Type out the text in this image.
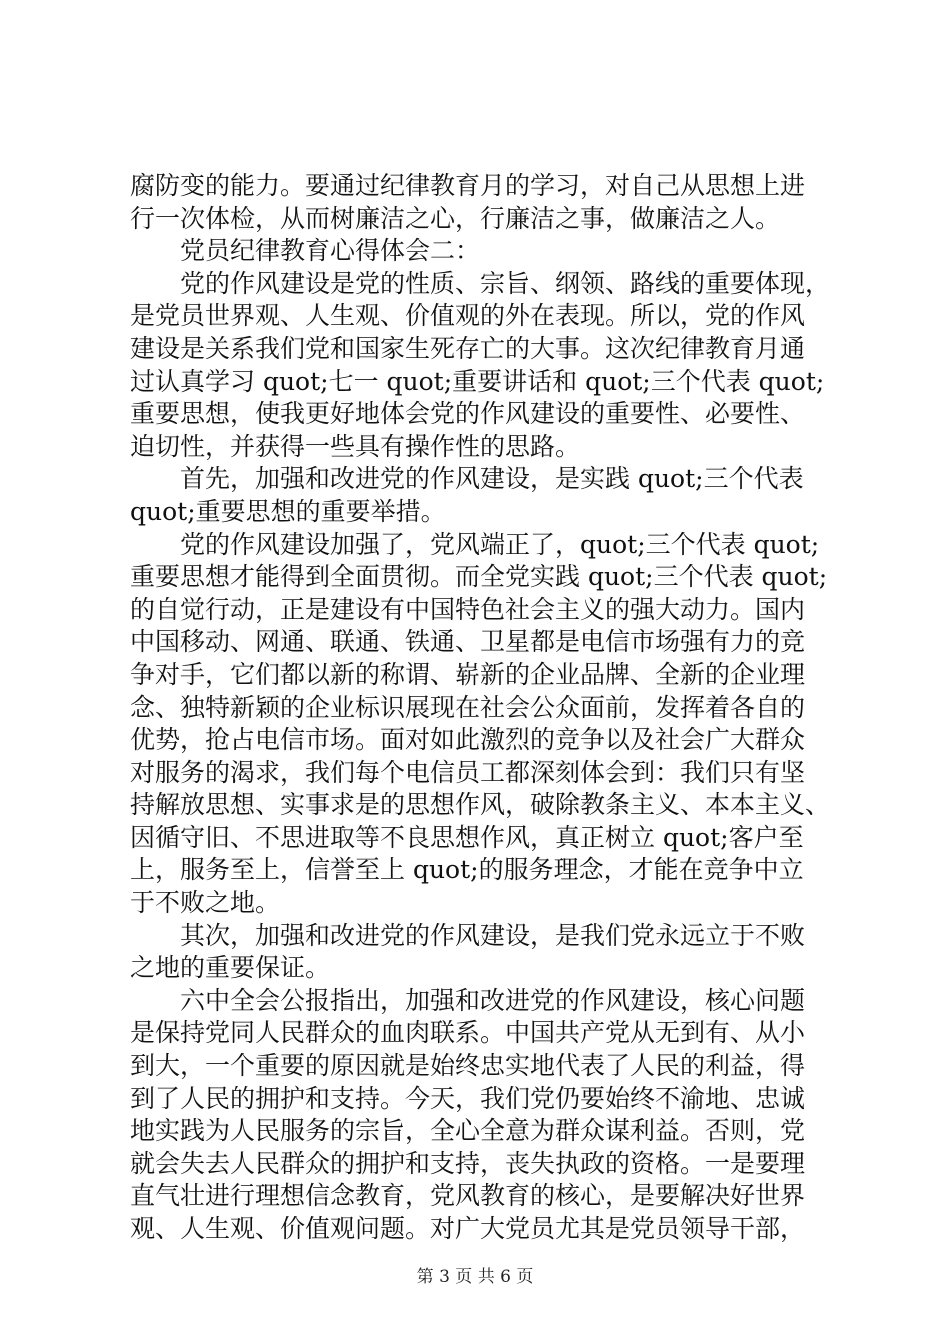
腐防变的能力。要通过纪律教育月的学习，对自己从思想上进
行一次体检，从而树廉洁之心，行廉洁之事，做廉洁之人。
　　党员纪律教育心得体会二：
　　党的作风建设是党的性质、宗旨、纲领、路线的重要体现，
是党员世界观、人生观、价值观的外在表现。所以，党的作风
建设是关系我们党和国家生死存亡的大事。这次纪律教育月通
过认真学习 quot;七一 quot;重要讲话和 quot;三个代表 quot;
重要思想，使我更好地体会党的作风建设的重要性、必要性、
迫切性，并获得一些具有操作性的思路。
　　首先，加强和改进党的作风建设，是实践 quot;三个代表
quot;重要思想的重要举措。
　　党的作风建设加强了，党风端正了，quot;三个代表 quot;
重要思想才能得到全面贯彻。而全党实践 quot;三个代表 quot;
的自觉行动，正是建设有中国特色社会主义的强大动力。国内
中国移动、网通、联通、铁通、卫星都是电信市场强有力的竞
争对手，它们都以新的称谓、崭新的企业品牌、全新的企业理
念、独特新颖的企业标识展现在社会公众面前，发挥着各自的
优势，抢占电信市场。面对如此激烈的竞争以及社会广大群众
对服务的渴求，我们每个电信员工都深刻体会到：我们只有坚
持解放思想、实事求是的思想作风，破除教条主义、本本主义、
因循守旧、不思进取等不良思想作风，真正树立 quot;客户至
上，服务至上，信誉至上 quot;的服务理念，才能在竞争中立
于不败之地。
　　其次，加强和改进党的作风建设，是我们党永远立于不败
之地的重要保证。
　　六中全会公报指出，加强和改进党的作风建设，核心问题
是保持党同人民群众的血肉联系。中国共产党从无到有、从小
到大，一个重要的原因就是始终忠实地代表了人民的利益，得
到了人民的拥护和支持。今天，我们党仍要始终不渝地、忠诚
地实践为人民服务的宗旨，全心全意为群众谋利益。否则，党
就会失去人民群众的拥护和支持，丧失执政的资格。一是要理
直气壮进行理想信念教育，党风教育的核心，是要解决好世界
观、人生观、价值观问题。对广大党员尤其是党员领导干部，
第 3 页 共 6 页
